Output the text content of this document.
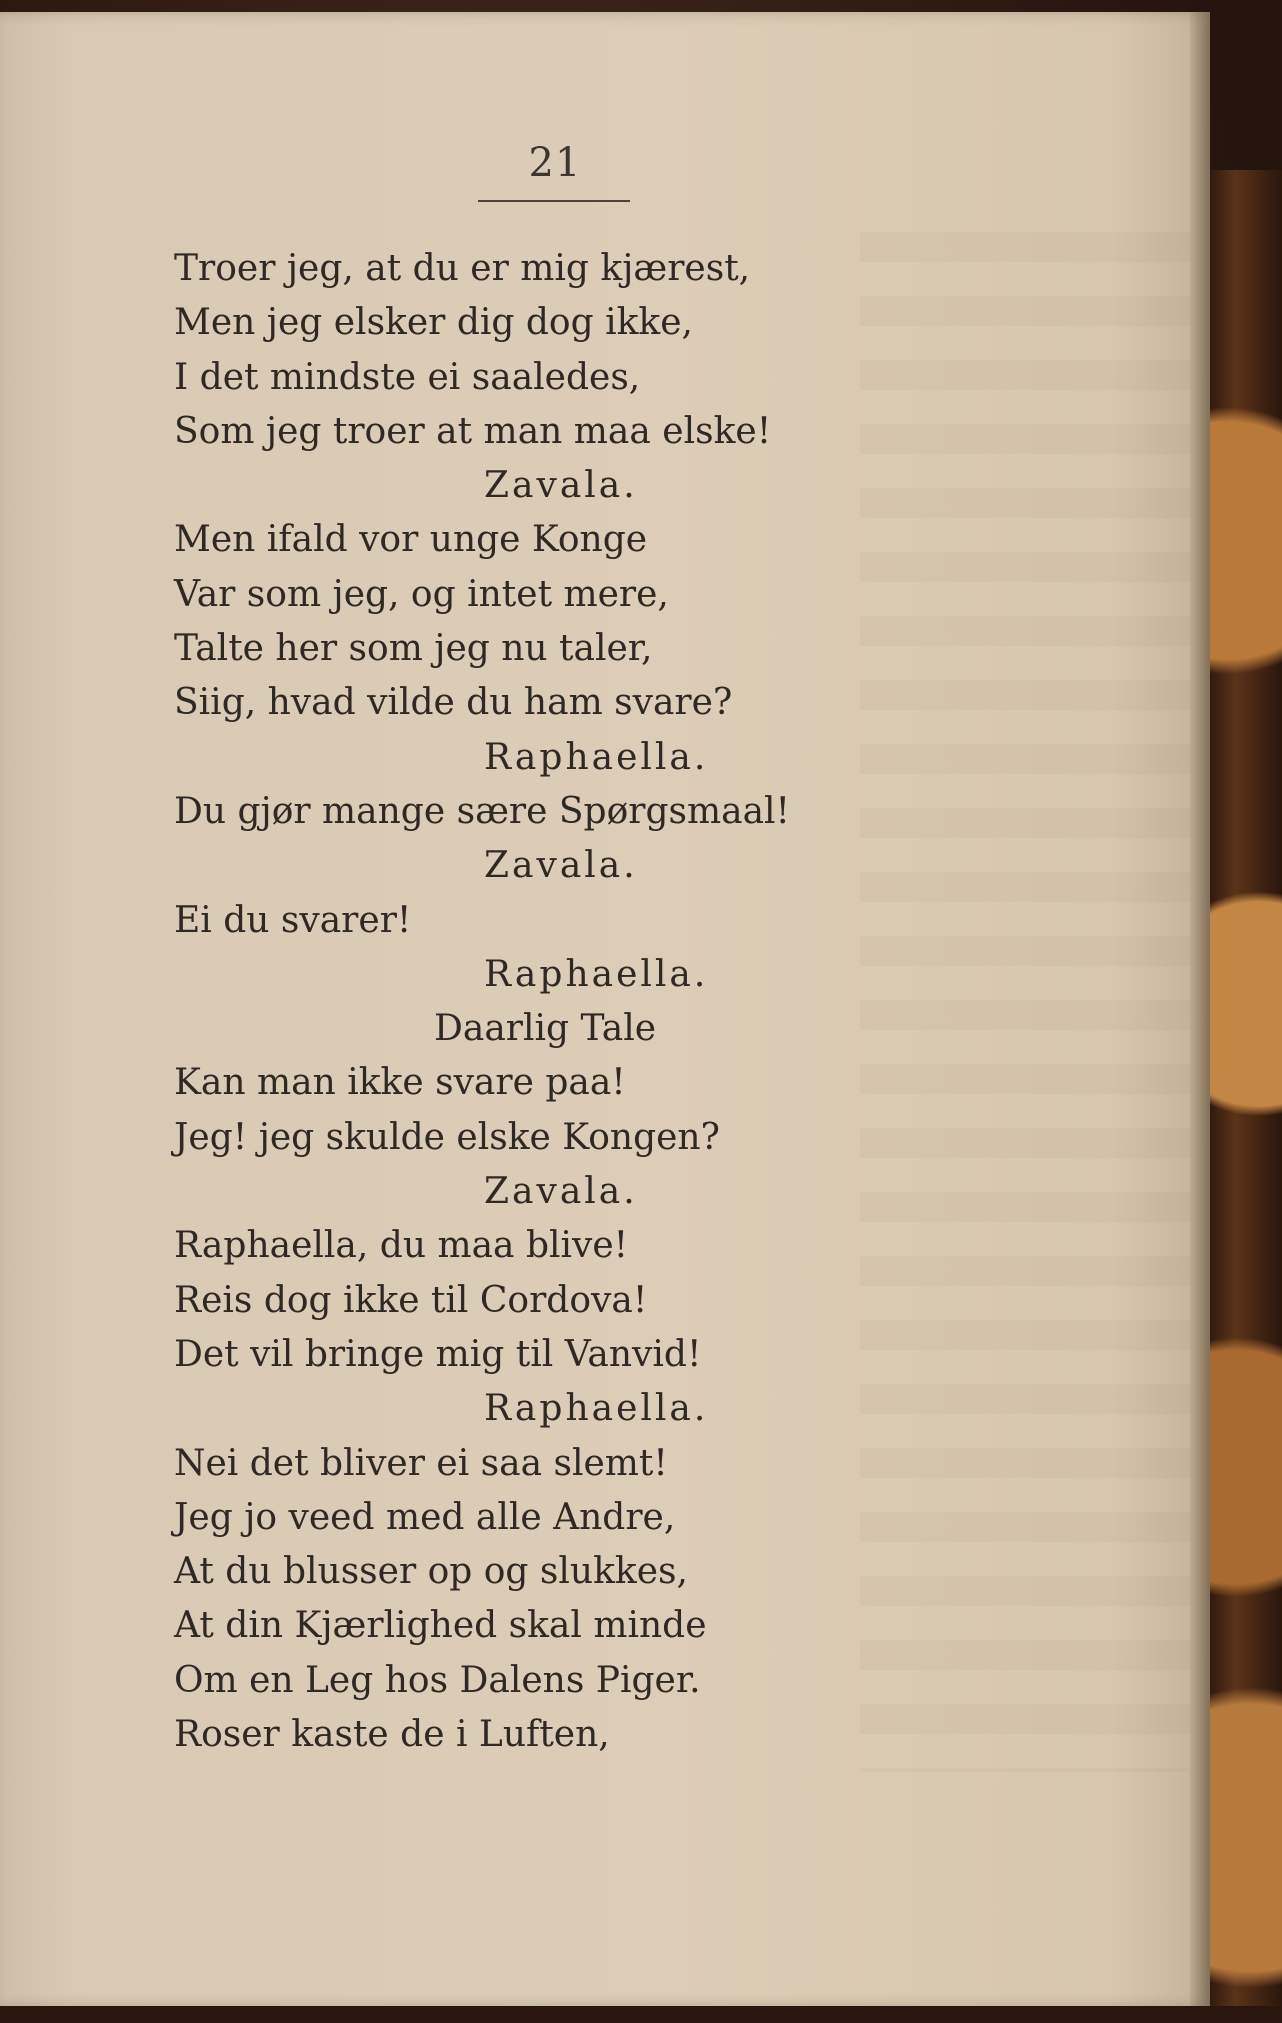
21
Troer jeg, at du er mig kjærest,
Men jeg elsker dig dog ikke,
I det mindste ei saaledes,
Som jeg troer at man maa elske!
Zavala.
Men ifald vor unge Konge
Var som jeg, og intet mere,
Talte her som jeg nu taler,
Siig, hvad vilde du ham svare?
Raphaella.
Du gjør mange sære Spørgsmaal!
Zavala.
Ei du svarer!
Raphaella.
Daarlig Tale
Kan man ikke svare paa!
Jeg! jeg skulde elske Kongen?
Zavala.
Raphaella, du maa blive!
Reis dog ikke til Cordova!
Det vil bringe mig til Vanvid!
Raphaella.
Nei det bliver ei saa slemt!
Jeg jo veed med alle Andre,
At du blusser op og slukkes,
At din Kjærlighed skal minde
Om en Leg hos Dalens Piger.
Roser kaste de i Luften,
